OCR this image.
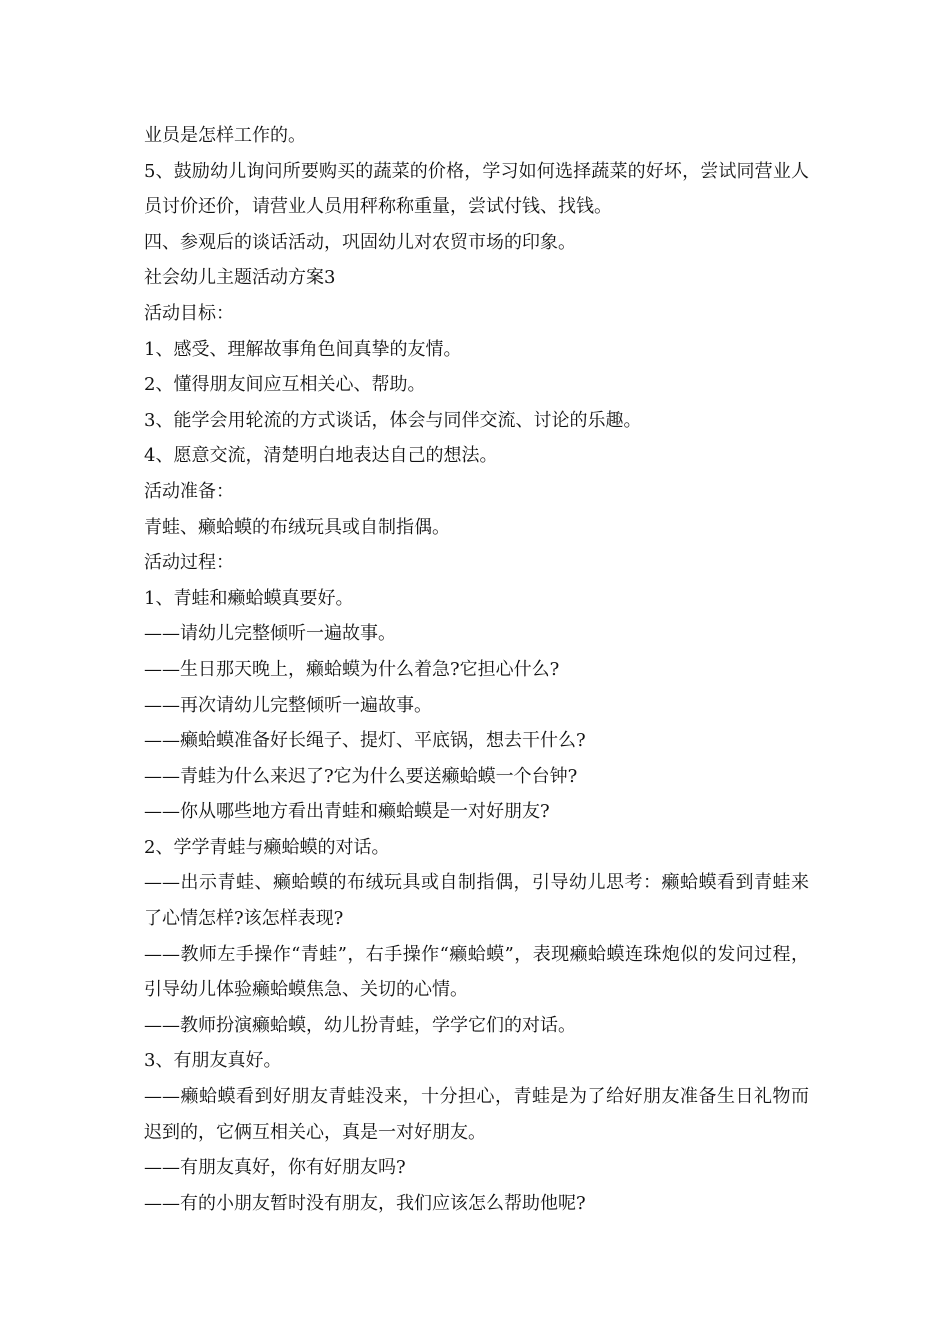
业员是怎样工作的。

5、鼓励幼儿询问所要购买的蔬菜的价格，学习如何选择蔬菜的好坏，尝试同营业人员讨价还价，请营业人员用秤称称重量，尝试付钱、找钱。

四、参观后的谈话活动，巩固幼儿对农贸市场的印象。

社会幼儿主题活动方案3

活动目标：

1、感受、理解故事角色间真挚的友情。

2、懂得朋友间应互相关心、帮助。

3、能学会用轮流的方式谈话，体会与同伴交流、讨论的乐趣。

4、愿意交流，清楚明白地表达自己的想法。

活动准备：

青蛙、癞蛤蟆的布绒玩具或自制指偶。

活动过程：

1、青蛙和癞蛤蟆真要好。

——请幼儿完整倾听一遍故事。

——生日那天晚上，癞蛤蟆为什么着急?它担心什么?

——再次请幼儿完整倾听一遍故事。

——癞蛤蟆准备好长绳子、提灯、平底锅，想去干什么?

——青蛙为什么来迟了?它为什么要送癞蛤蟆一个台钟?

——你从哪些地方看出青蛙和癞蛤蟆是一对好朋友?

2、学学青蛙与癞蛤蟆的对话。

——出示青蛙、癞蛤蟆的布绒玩具或自制指偶，引导幼儿思考：癞蛤蟆看到青蛙来了心情怎样?该怎样表现?

——教师左手操作“青蛙”，右手操作“癞蛤蟆”，表现癞蛤蟆连珠炮似的发问过程，引导幼儿体验癞蛤蟆焦急、关切的心情。

——教师扮演癞蛤蟆，幼儿扮青蛙，学学它们的对话。

3、有朋友真好。

——癞蛤蟆看到好朋友青蛙没来，十分担心，青蛙是为了给好朋友准备生日礼物而迟到的，它俩互相关心，真是一对好朋友。

——有朋友真好，你有好朋友吗?

——有的小朋友暂时没有朋友，我们应该怎么帮助他呢?
